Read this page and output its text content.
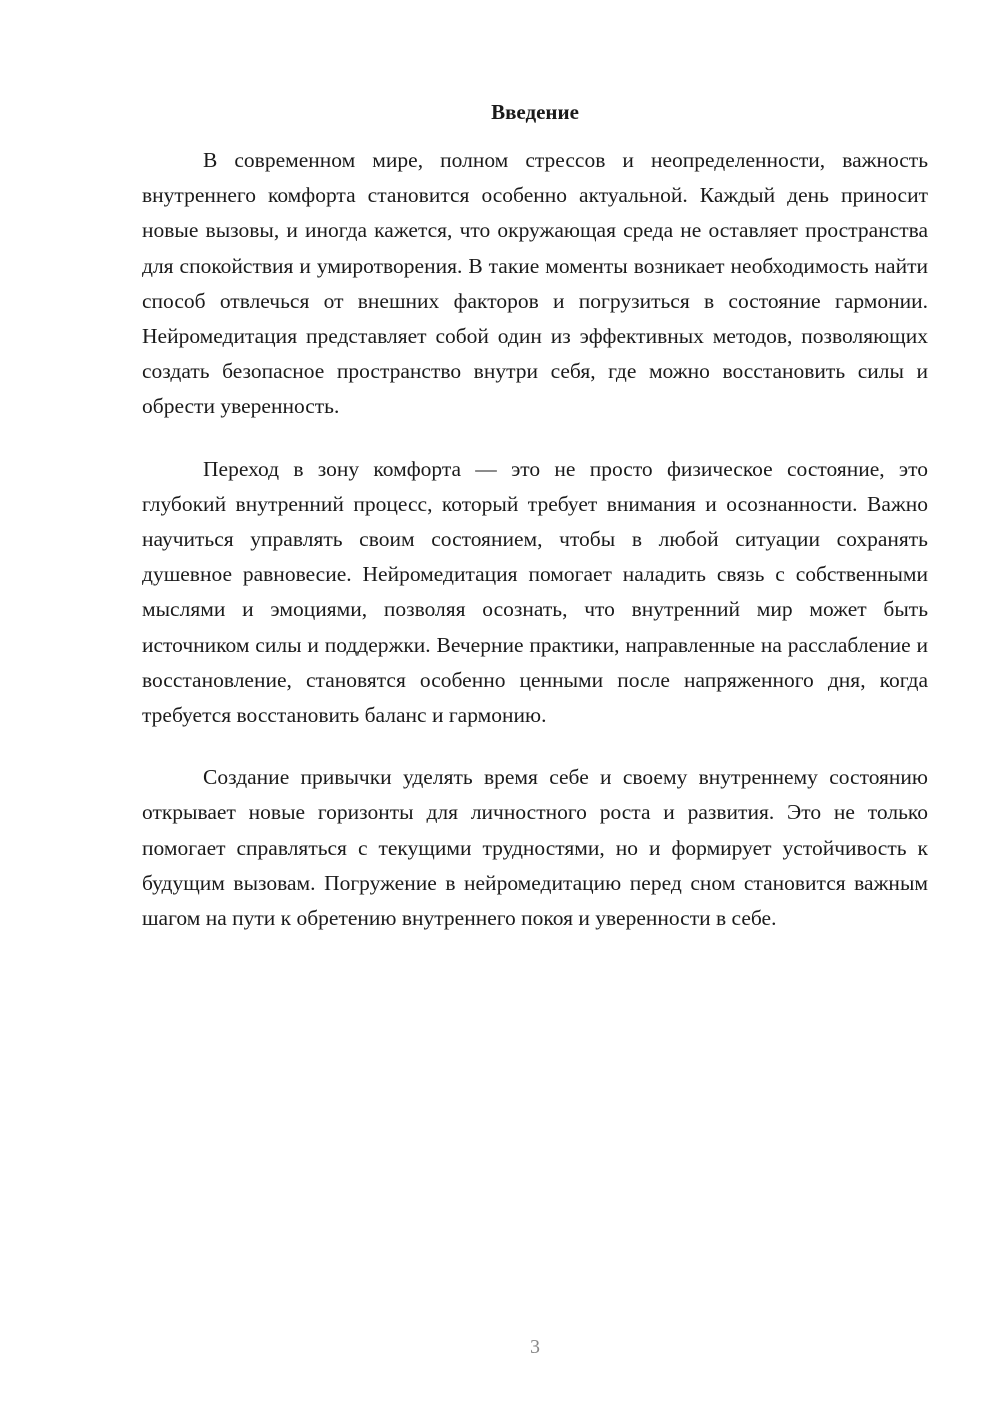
Введение

В современном мире, полном стрессов и неопределенности, важность внутреннего комфорта становится особенно актуальной. Каждый день приносит новые вызовы, и иногда кажется, что окружающая среда не оставляет пространства для спокойствия и умиротворения. В такие моменты возникает необходимость найти способ отвлечься от внешних факторов и погрузиться в состояние гармонии. Нейромедитация представляет собой один из эффективных методов, позволяющих создать безопасное пространство внутри себя, где можно восстановить силы и обрести уверенность.

Переход в зону комфорта — это не просто физическое состояние, это глубокий внутренний процесс, который требует внимания и осознанности. Важно научиться управлять своим состоянием, чтобы в любой ситуации сохранять душевное равновесие. Нейромедитация помогает наладить связь с собственными мыслями и эмоциями, позволяя осознать, что внутренний мир может быть источником силы и поддержки. Вечерние практики, направленные на расслабление и восстановление, становятся особенно ценными после напряженного дня, когда требуется восстановить баланс и гармонию.

Создание привычки уделять время себе и своему внутреннему состоянию открывает новые горизонты для личностного роста и развития. Это не только помогает справляться с текущими трудностями, но и формирует устойчивость к будущим вызовам. Погружение в нейромедитацию перед сном становится важным шагом на пути к обретению внутреннего покоя и уверенности в себе.

3
